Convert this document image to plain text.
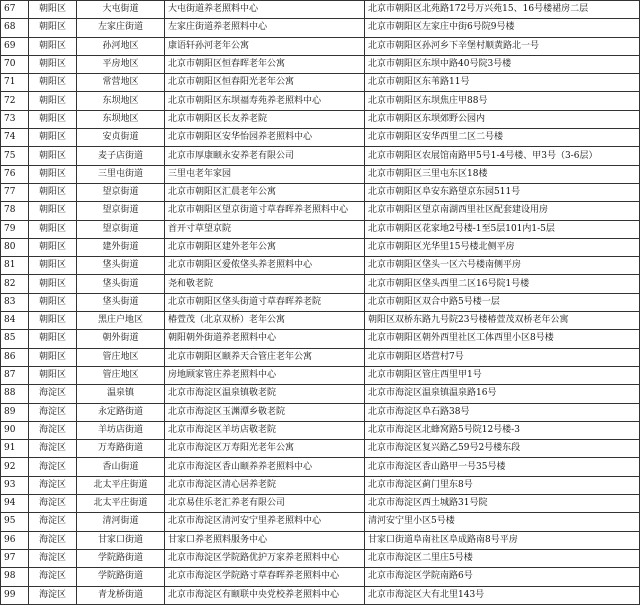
67	朝阳区	大屯街道	大屯街道养老照料中心	北京市朝阳区北苑路172号万兴苑15、16号楼裙房二层
68	朝阳区	左家庄街道	左家庄街道养老照料中心	北京市朝阳区左家庄中街6号院9号楼
69	朝阳区	孙河地区	康语轩孙河老年公寓	北京市朝阳区孙河乡下辛堡村顺黄路北一号
70	朝阳区	平房地区	北京市朝阳区恒春晖老年公寓	北京市朝阳区东坝中路40号院3号楼
71	朝阳区	常营地区	北京市朝阳区恒春阳光老年公寓	北京市朝阳区东苇路11号
72	朝阳区	东坝地区	北京市朝阳区东坝福寿苑养老照料中心	北京市朝阳区东坝焦庄甲88号
73	朝阳区	东坝地区	北京市朝阳区长友养老院	北京市朝阳区东坝郊野公园内
74	朝阳区	安贞街道	北京市朝阳区安华怡园养老照料中心	北京市朝阳区安华西里二区二号楼
75	朝阳区	麦子店街道	北京市厚康颐永安养老有限公司	北京市朝阳区农展馆南路甲5号1-4号楼、甲3号（3-6层）
76	朝阳区	三里屯街道	三里屯老年家园	北京市朝阳区三里屯东区18楼
77	朝阳区	望京街道	北京市朝阳区汇晨老年公寓	北京市朝阳区阜安东路望京东园511号
78	朝阳区	望京街道	北京市朝阳区望京街道寸草春晖养老照料中心	北京市朝阳区望京南湖西里社区配套建设用房
79	朝阳区	望京街道	首开寸草望京院	北京市朝阳区花家地2号楼-1至5层101内1-5层
80	朝阳区	建外街道	北京市朝阳区建外老年公寓	北京市朝阳区光华里15号楼北侧平房
81	朝阳区	垡头街道	北京市朝阳区爱侬垡头养老照料中心	北京市朝阳区垡头一区六号楼南侧平房
82	朝阳区	垡头街道	尧和敬老院	北京市朝阳区垡头西里二区16号院1号楼
83	朝阳区	垡头街道	北京市朝阳区垡头街道寸草春晖养老院	北京市朝阳区双合中路5号楼一层
84	朝阳区	黑庄户地区	椿萱茂（北京双桥）老年公寓	朝阳区双桥东路九号院23号楼椿萱茂双桥老年公寓
85	朝阳区	朝外街道	朝阳朝外街道养老照料中心	北京市朝阳区朝外西里社区工体西里小区8号楼
86	朝阳区	管庄地区	北京市朝阳区颐养天合管庄老年公寓	北京市朝阳区塔营村7号
87	朝阳区	管庄地区	房地顾家管庄养老照料中心	北京市朝阳区管庄西里甲1号
88	海淀区	温泉镇	北京市海淀区温泉镇敬老院	北京市海淀区温泉镇温泉路16号
89	海淀区	永定路街道	北京市海淀区玉渊潭乡敬老院	北京市海淀区阜石路38号
90	海淀区	羊坊店街道	北京市海淀区羊坊店敬老院	北京市海淀区北蜂窝路5号院12号楼-3
91	海淀区	万寿路街道	北京市海淀区万寿阳光老年公寓	北京市海淀区复兴路乙59号2号楼东段
92	海淀区	香山街道	北京市海淀区香山颐养养老照料中心	北京市海淀区香山路甲一号35号楼
93	海淀区	北太平庄街道	北京市海淀区清心居养老院	北京市海淀区蓟门里东8号
94	海淀区	北太平庄街道	北京易佳乐老汇养老有限公司	北京市海淀区西土城路31号院
95	海淀区	清河街道	北京市海淀区清河安宁里养老照料中心	清河安宁里小区5号楼
96	海淀区	甘家口街道	甘家口养老照料服务中心	甘家口街道阜南社区阜成路南8号平房
97	海淀区	学院路街道	北京市海淀区学院路优护万家养老照料中心	北京市海淀区二里庄5号楼
98	海淀区	学院路街道	北京市海淀区学院路寸草春晖养老照料中心	北京市海淀区学院南路6号
99	海淀区	青龙桥街道	北京市海淀区有颐联中央党校养老照料中心	北京市海淀区大有北里143号
